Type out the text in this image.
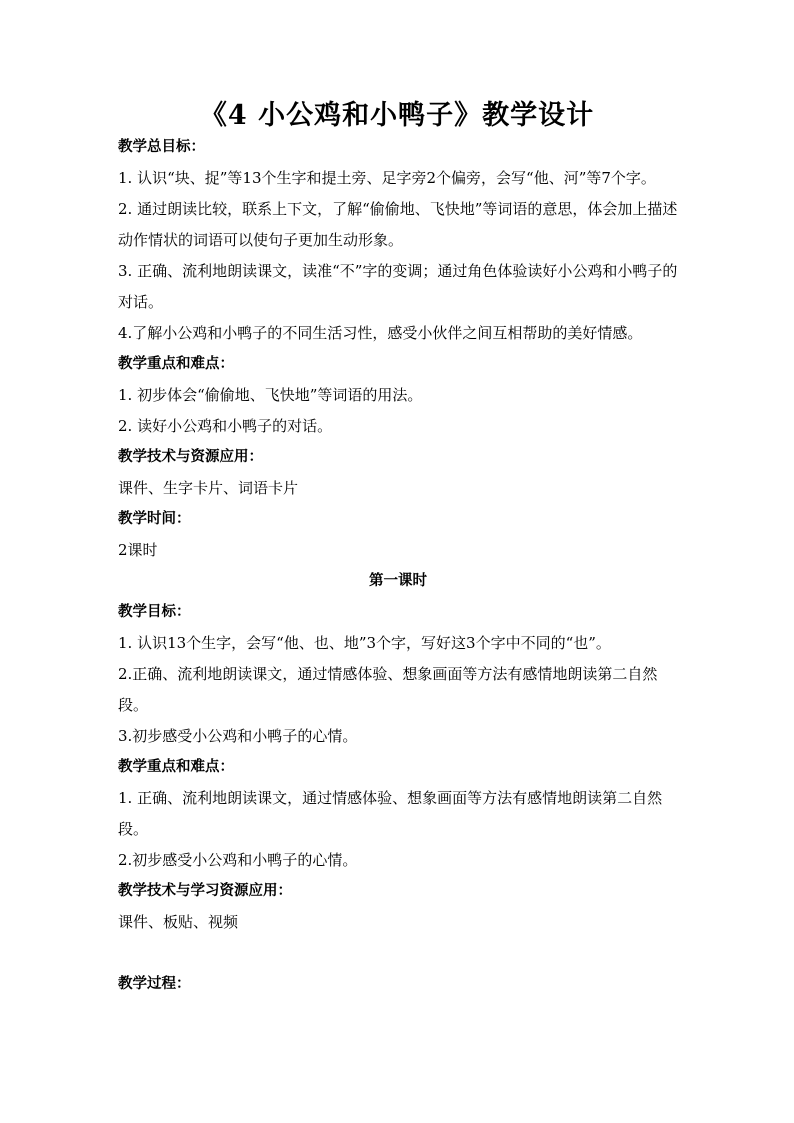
《4 小公鸡和小鸭子》教学设计

教学总目标：

1. 认识“块、捉”等13个生字和提土旁、足字旁2个偏旁，会写“他、河”等7个字。

2. 通过朗读比较，联系上下文，了解“偷偷地、飞快地”等词语的意思，体会加上描述动作情状的词语可以使句子更加生动形象。

3. 正确、流利地朗读课文，读准“不”字的变调；通过角色体验读好小公鸡和小鸭子的对话。

4.了解小公鸡和小鸭子的不同生活习性，感受小伙伴之间互相帮助的美好情感。

教学重点和难点：

1. 初步体会“偷偷地、飞快地”等词语的用法。

2. 读好小公鸡和小鸭子的对话。

教学技术与资源应用：

课件、生字卡片、词语卡片

教学时间：

2课时

第一课时

教学目标：

1. 认识13个生字，会写“他、也、地”3个字，写好这3个字中不同的“也”。

2.正确、流利地朗读课文，通过情感体验、想象画面等方法有感情地朗读第二自然段。

3.初步感受小公鸡和小鸭子的心情。

教学重点和难点：

1. 正确、流利地朗读课文，通过情感体验、想象画面等方法有感情地朗读第二自然段。

2.初步感受小公鸡和小鸭子的心情。

教学技术与学习资源应用：

课件、板贴、视频

教学过程：
